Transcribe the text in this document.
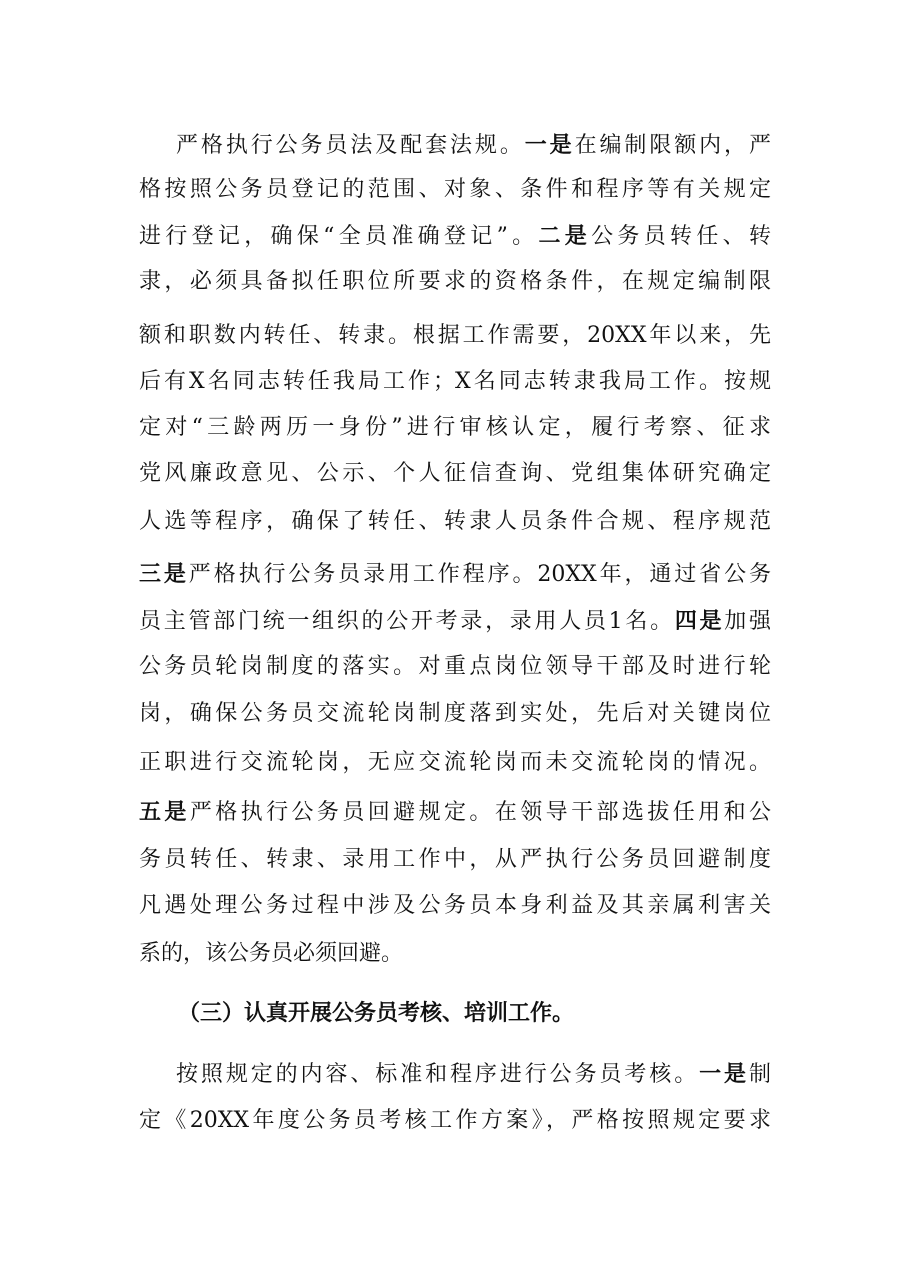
严格执行公务员法及配套法规。一是在编制限额内，严
格按照公务员登记的范围、对象、条件和程序等有关规定
进行登记，确保“全员准确登记”。二是公务员转任、转
隶，必须具备拟任职位所要求的资格条件，在规定编制限
额和职数内转任、转隶。根据工作需要，20XX年以来，先
后有X名同志转任我局工作；X名同志转隶我局工作。按规
定对“三龄两历一身份”进行审核认定，履行考察、征求
党风廉政意见、公示、个人征信查询、党组集体研究确定
人选等程序，确保了转任、转隶人员条件合规、程序规范
三是严格执行公务员录用工作程序。20XX年，通过省公务
员主管部门统一组织的公开考录，录用人员1名。四是加强
公务员轮岗制度的落实。对重点岗位领导干部及时进行轮
岗，确保公务员交流轮岗制度落到实处，先后对关键岗位
正职进行交流轮岗，无应交流轮岗而未交流轮岗的情况。
五是严格执行公务员回避规定。在领导干部选拔任用和公
务员转任、转隶、录用工作中，从严执行公务员回避制度
凡遇处理公务过程中涉及公务员本身利益及其亲属利害关
系的，该公务员必须回避。
（三）认真开展公务员考核、培训工作。
按照规定的内容、标准和程序进行公务员考核。一是制
定《20XX年度公务员考核工作方案》，严格按照规定要求
